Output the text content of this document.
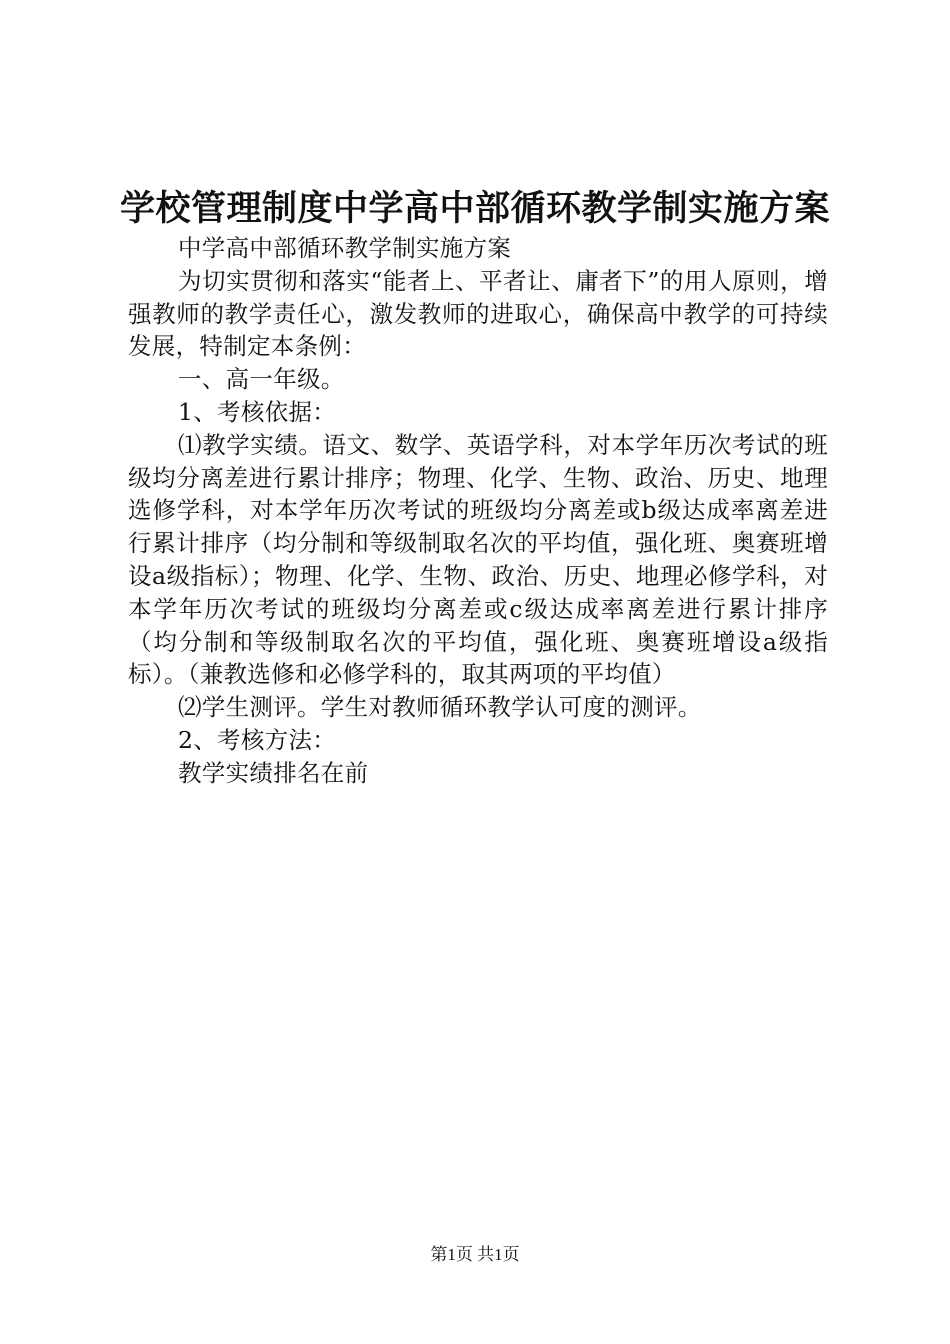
学校管理制度中学高中部循环教学制实施方案

中学高中部循环教学制实施方案

为切实贯彻和落实“能者上、平者让、庸者下”的用人原则，增强教师的教学责任心，激发教师的进取心，确保高中教学的可持续发展，特制定本条例：

一、高一年级。

1、考核依据：

⑴教学实绩。语文、数学、英语学科，对本学年历次考试的班级均分离差进行累计排序；物理、化学、生物、政治、历史、地理选修学科，对本学年历次考试的班级均分离差或b级达成率离差进行累计排序（均分制和等级制取名次的平均值，强化班、奥赛班增设a级指标）；物理、化学、生物、政治、历史、地理必修学科，对本学年历次考试的班级均分离差或c级达成率离差进行累计排序（均分制和等级制取名次的平均值，强化班、奥赛班增设a级指标）。（兼教选修和必修学科的，取其两项的平均值）

⑵学生测评。学生对教师循环教学认可度的测评。

2、考核方法：

教学实绩排名在前

第1页 共1页
